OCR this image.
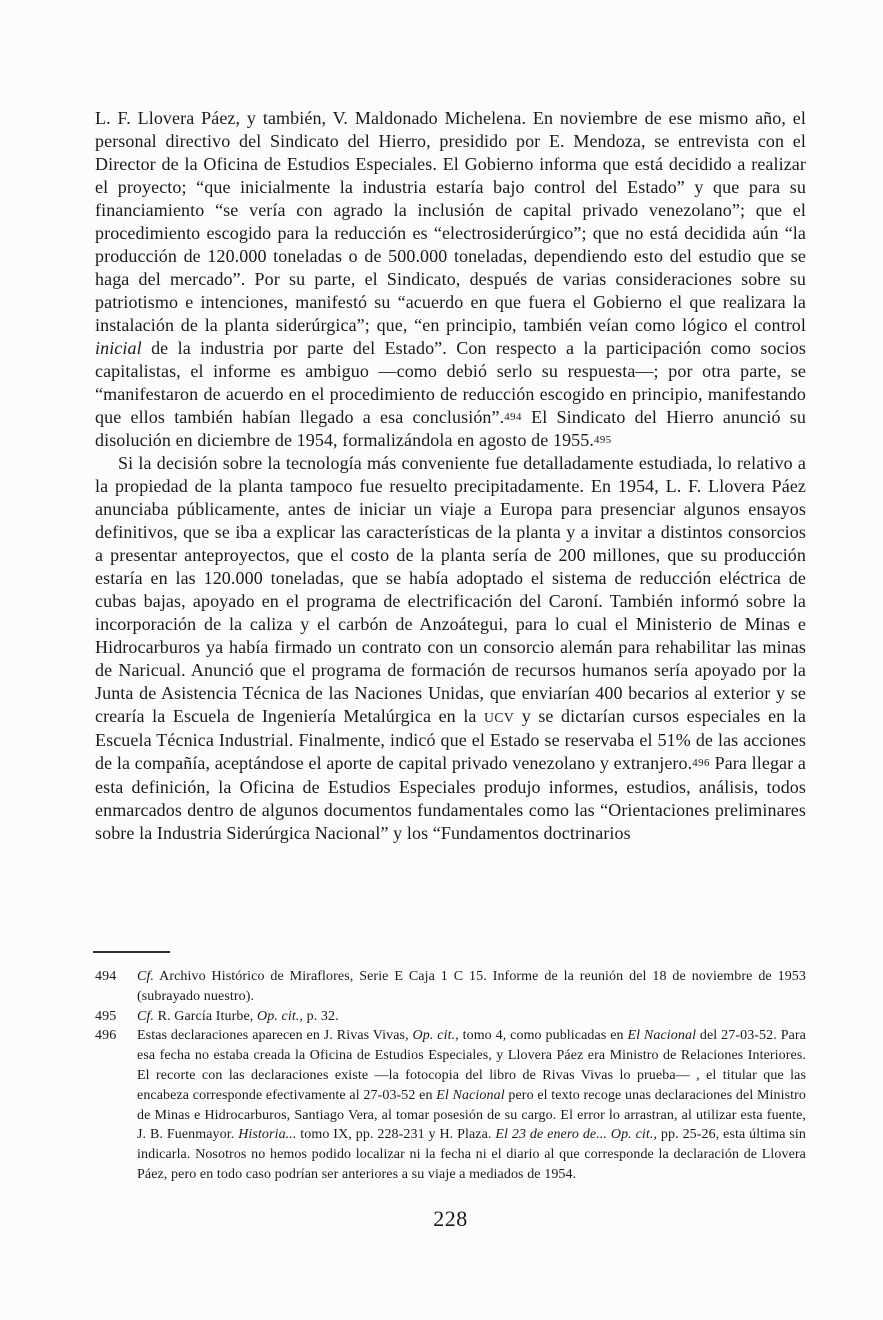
L. F. Llovera Páez, y también, V. Maldonado Michelena. En noviembre de ese mismo año, el personal directivo del Sindicato del Hierro, presidido por E. Mendoza, se entrevista con el Director de la Oficina de Estudios Especiales. El Gobierno informa que está decidido a realizar el proyecto; “que inicialmente la industria estaría bajo control del Estado” y que para su financiamiento “se vería con agrado la inclusión de capital privado venezolano”; que el procedimiento escogido para la reducción es “electrosiderúrgico”; que no está decidida aún “la producción de 120.000 toneladas o de 500.000 toneladas, dependiendo esto del estudio que se haga del mercado”. Por su parte, el Sindicato, después de varias consideraciones sobre su patriotismo e intenciones, manifestó su “acuerdo en que fuera el Gobierno el que realizara la instalación de la planta siderúrgica”; que, “en principio, también veían como lógico el control inicial de la industria por parte del Estado”. Con respecto a la participación como socios capitalistas, el informe es ambiguo —como debió serlo su respuesta—; por otra parte, se “manifestaron de acuerdo en el procedimiento de reducción escogido en principio, manifestando que ellos también habían llegado a esa conclusión”.494 El Sindicato del Hierro anunció su disolución en diciembre de 1954, formalizándola en agosto de 1955.495

Si la decisión sobre la tecnología más conveniente fue detalladamente estudiada, lo relativo a la propiedad de la planta tampoco fue resuelto precipitadamente. En 1954, L. F. Llovera Páez anunciaba públicamente, antes de iniciar un viaje a Europa para presenciar algunos ensayos definitivos, que se iba a explicar las características de la planta y a invitar a distintos consorcios a presentar anteproyectos, que el costo de la planta sería de 200 millones, que su producción estaría en las 120.000 toneladas, que se había adoptado el sistema de reducción eléctrica de cubas bajas, apoyado en el programa de electrificación del Caroní. También informó sobre la incorporación de la caliza y el carbón de Anzoátegui, para lo cual el Ministerio de Minas e Hidrocarburos ya había firmado un contrato con un consorcio alemán para rehabilitar las minas de Naricual. Anunció que el programa de formación de recursos humanos sería apoyado por la Junta de Asistencia Técnica de las Naciones Unidas, que enviarían 400 becarios al exterior y se crearía la Escuela de Ingeniería Metalúrgica en la UCV y se dictarían cursos especiales en la Escuela Técnica Industrial. Finalmente, indicó que el Estado se reservaba el 51% de las acciones de la compañía, aceptándose el aporte de capital privado venezolano y extranjero.496 Para llegar a esta definición, la Oficina de Estudios Especiales produjo informes, estudios, análisis, todos enmarcados dentro de algunos documentos fundamentales como las “Orientaciones preliminares sobre la Industria Siderúrgica Nacional” y los “Fundamentos doctrinarios

494	Cf. Archivo Histórico de Miraflores, Serie E Caja 1 C 15. Informe de la reunión del 18 de noviembre de 1953 (subrayado nuestro).
495	Cf. R. García Iturbe, Op. cit., p. 32.
496	Estas declaraciones aparecen en J. Rivas Vivas, Op. cit., tomo 4, como publicadas en El Nacional del 27-03-52. Para esa fecha no estaba creada la Oficina de Estudios Especiales, y Llovera Páez era Ministro de Relaciones Interiores. El recorte con las declaraciones existe —la fotocopia del libro de Rivas Vivas lo prueba— , el titular que las encabeza corresponde efectivamente al 27-03-52 en El Nacional pero el texto recoge unas declaraciones del Ministro de Minas e Hidrocarburos, Santiago Vera, al tomar posesión de su cargo. El error lo arrastran, al utilizar esta fuente, J. B. Fuenmayor. Historia... tomo IX, pp. 228-231 y H. Plaza. El 23 de enero de... Op. cit., pp. 25-26, esta última sin indicarla. Nosotros no hemos podido localizar ni la fecha ni el diario al que corresponde la declaración de Llovera Páez, pero en todo caso podrían ser anteriores a su viaje a mediados de 1954.
228
